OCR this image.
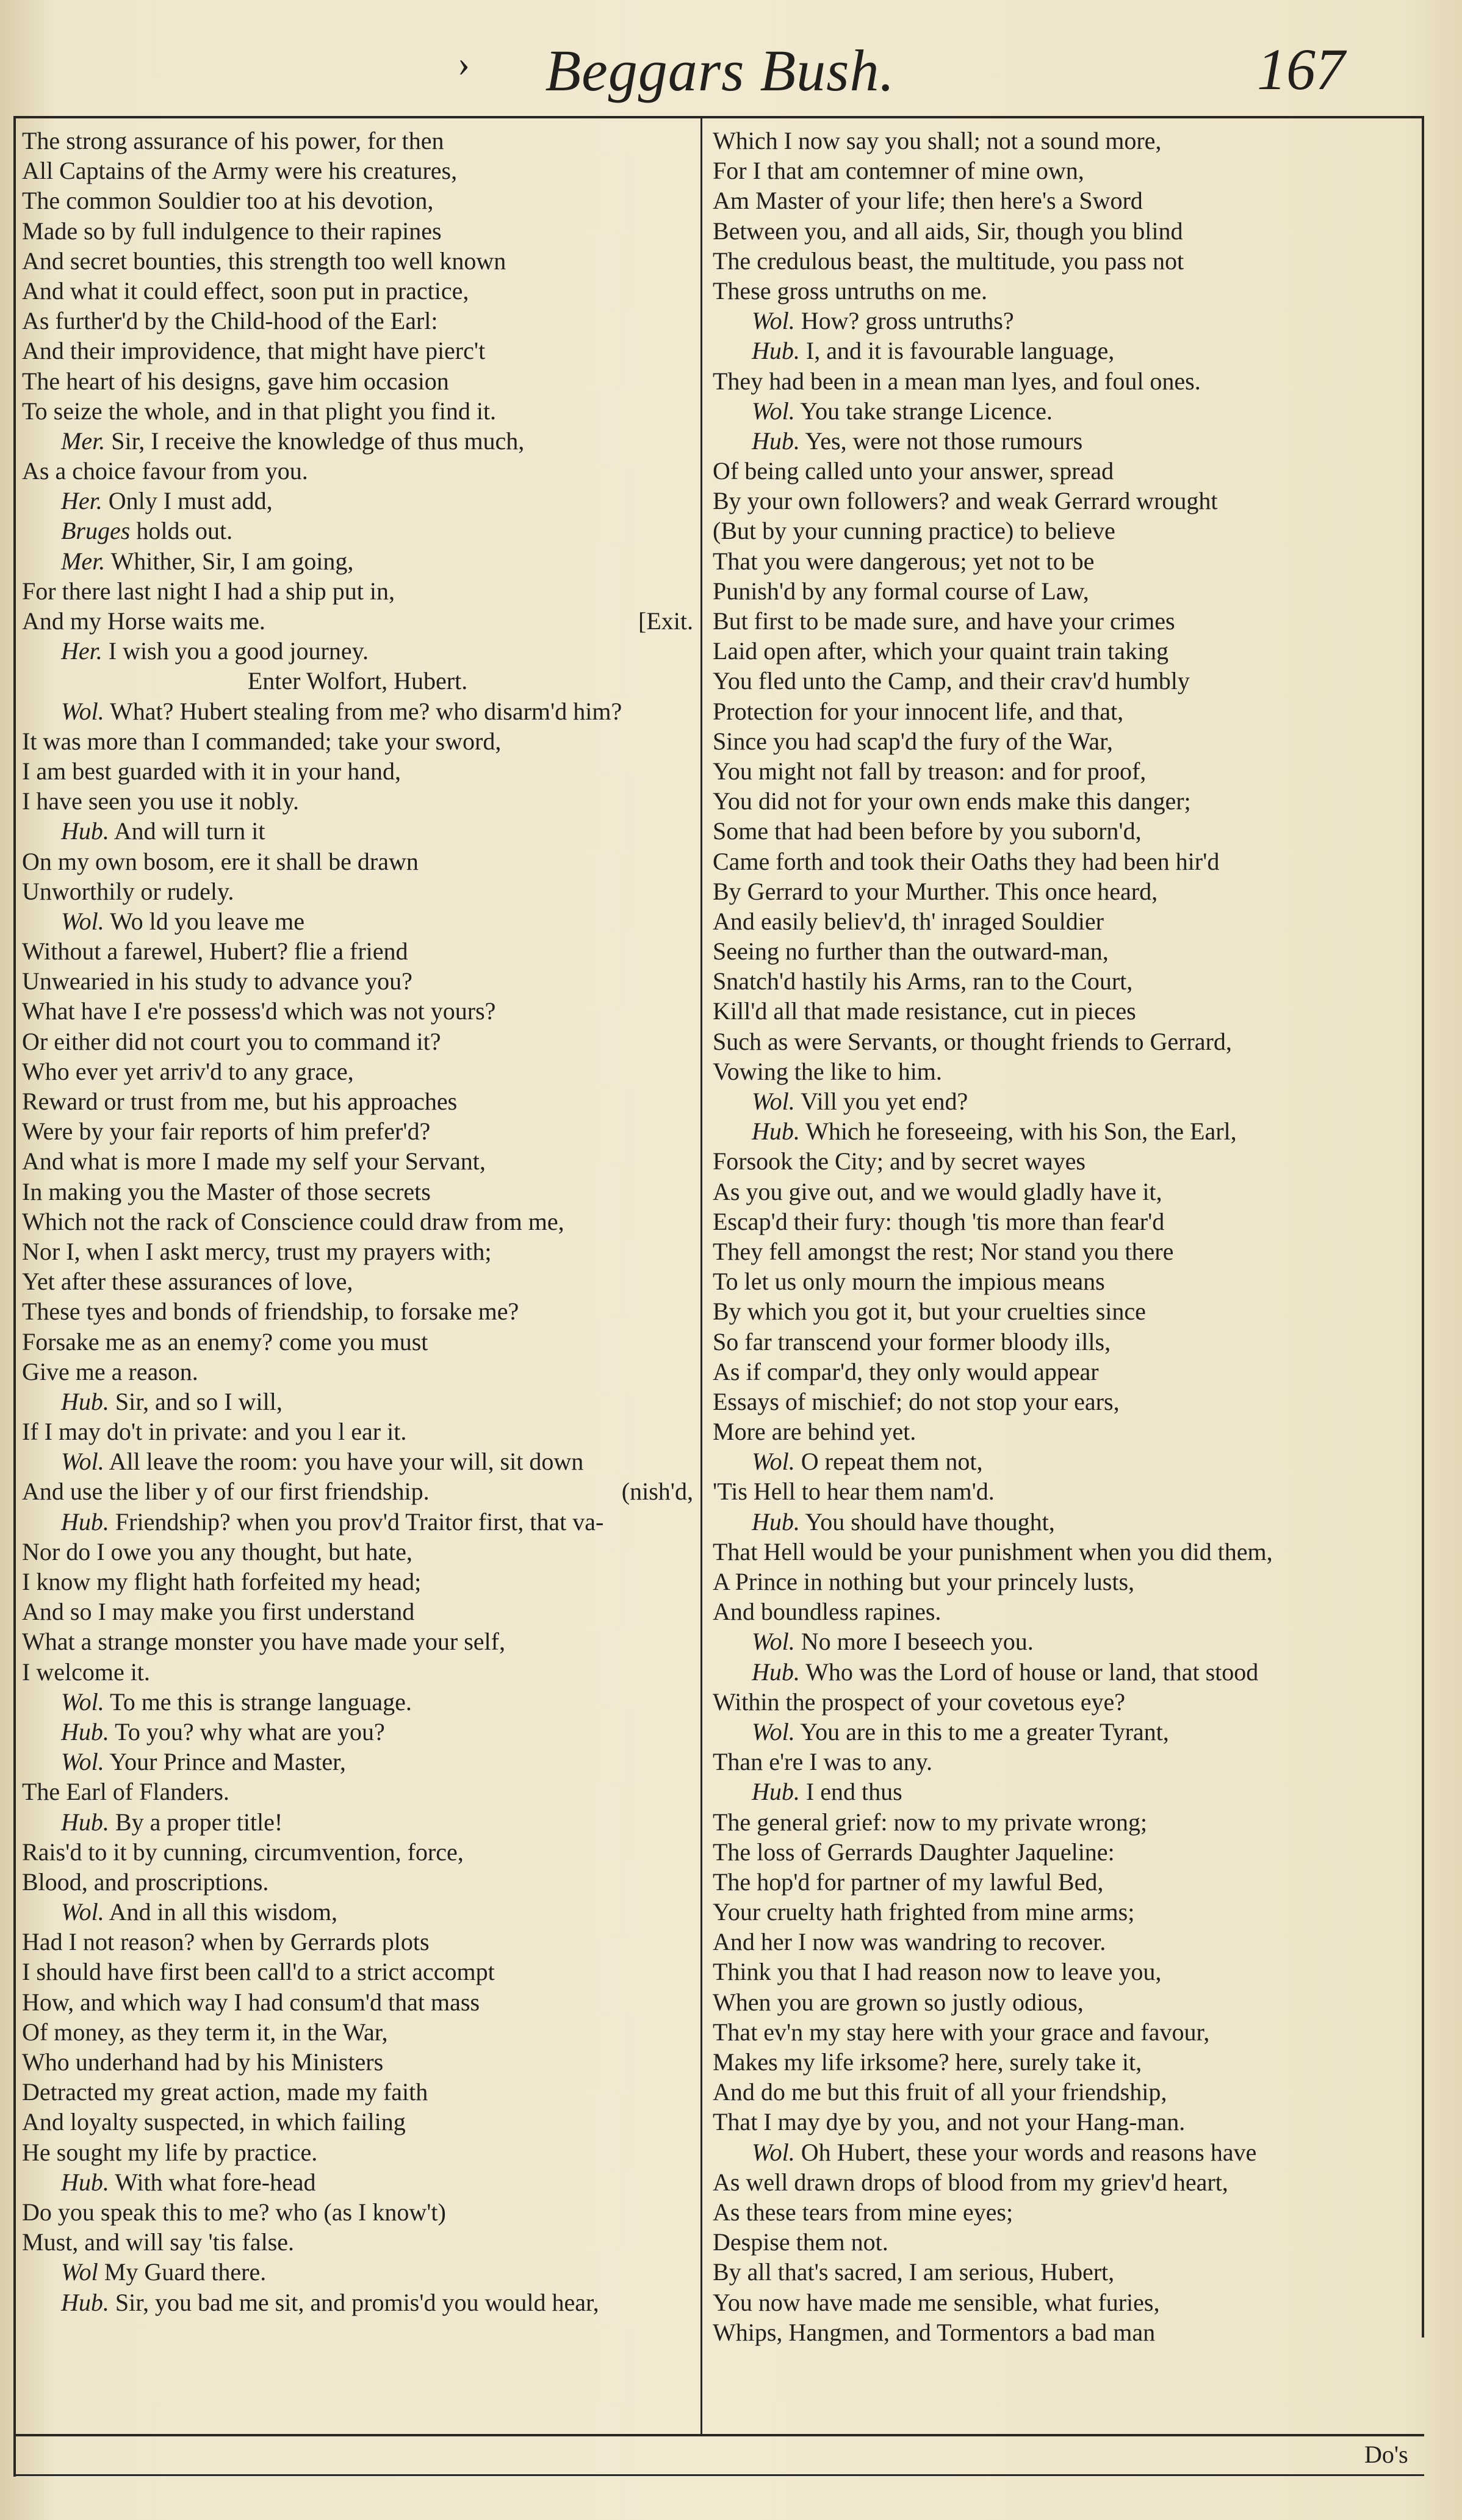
› Beggars Bush.	167
The strong assurance of his power, for then
All Captains of the Army were his creatures,
The common Souldier too at his devotion,
Made so by full indulgence to their rapines
And secret bounties, this strength too well known
And what it could effect, soon put in practice,
As further'd by the Child-hood of the Earl:
And their improvidence, that might have pierc't
The heart of his designs, gave him occasion
To seize the whole, and in that plight you find it.
Mer. Sir, I receive the knowledge of thus much,
As a choice favour from you.
Her. Only I must add,
Bruges holds out.
Mer. Whither, Sir, I am going,
For there last night I had a ship put in,
And my Horse waits me.	[Exit.
Her. I wish you a good journey.
Enter Wolfort, Hubert.
Wol. What? Hubert stealing from me? who disarm'd him?
It was more than I commanded; take your sword,
I am best guarded with it in your hand,
I have seen you use it nobly.
Hub. And will turn it
On my own bosom, ere it shall be drawn
Unworthily or rudely.
Wol. Wo ld you leave me
Without a farewel, Hubert? flie a friend
Unwearied in his study to advance you?
What have I e're possess'd which was not yours?
Or either did not court you to command it?
Who ever yet arriv'd to any grace,
Reward or trust from me, but his approaches
Were by your fair reports of him prefer'd?
And what is more I made my self your Servant,
In making you the Master of those secrets
Which not the rack of Conscience could draw from me,
Nor I, when I askt mercy, trust my prayers with;
Yet after these assurances of love,
These tyes and bonds of friendship, to forsake me?
Forsake me as an enemy? come you must
Give me a reason.
Hub. Sir, and so I will,
If I may do't in private: and you l ear it.
Wol. All leave the room: you have your will, sit down
And use the liber y of our first friendship.	(nish'd,
Hub. Friendship? when you prov'd Traitor first, that va-
Nor do I owe you any thought, but hate,
I know my flight hath forfeited my head;
And so I may make you first understand
What a strange monster you have made your self,
I welcome it.
Wol. To me this is strange language.
Hub. To you? why what are you?
Wol. Your Prince and Master,
The Earl of Flanders.
Hub. By a proper title!
Rais'd to it by cunning, circumvention, force,
Blood, and proscriptions.
Wol. And in all this wisdom,
Had I not reason? when by Gerrards plots
I should have first been call'd to a strict accompt
How, and which way I had consum'd that mass
Of money, as they term it, in the War,
Who underhand had by his Ministers
Detracted my great action, made my faith
And loyalty suspected, in which failing
He sought my life by practice.
Hub. With what fore-head
Do you speak this to me? who (as I know't)
Must, and will say 'tis false.
Wol My Guard there.
Hub. Sir, you bad me sit, and promis'd you would hear,
Which I now say you shall; not a sound more,
For I that am contemner of mine own,
Am Master of your life; then here's a Sword
Between you, and all aids, Sir, though you blind
The credulous beast, the multitude, you pass not
These gross untruths on me.
Wol. How? gross untruths?
Hub. I, and it is favourable language,
They had been in a mean man lyes, and foul ones.
Wol. You take strange Licence.
Hub. Yes, were not those rumours
Of being called unto your answer, spread
By your own followers? and weak Gerrard wrought
(But by your cunning practice) to believe
That you were dangerous; yet not to be
Punish'd by any formal course of Law,
But first to be made sure, and have your crimes
Laid open after, which your quaint train taking
You fled unto the Camp, and their crav'd humbly
Protection for your innocent life, and that,
Since you had scap'd the fury of the War,
You might not fall by treason: and for proof,
You did not for your own ends make this danger;
Some that had been before by you suborn'd,
Came forth and took their Oaths they had been hir'd
By Gerrard to your Murther. This once heard,
And easily believ'd, th' inraged Souldier
Seeing no further than the outward-man,
Snatch'd hastily his Arms, ran to the Court,
Kill'd all that made resistance, cut in pieces
Such as were Servants, or thought friends to Gerrard,
Vowing the like to him.
Wol. Vill you yet end?
Hub. Which he foreseeing, with his Son, the Earl,
Forsook the City; and by secret wayes
As you give out, and we would gladly have it,
Escap'd their fury: though 'tis more than fear'd
They fell amongst the rest; Nor stand you there
To let us only mourn the impious means
By which you got it, but your cruelties since
So far transcend your former bloody ills,
As if compar'd, they only would appear
Essays of mischief; do not stop your ears,
More are behind yet.
Wol. O repeat them not,
'Tis Hell to hear them nam'd.
Hub. You should have thought,
That Hell would be your punishment when you did them,
A Prince in nothing but your princely lusts,
And boundless rapines.
Wol. No more I beseech you.
Hub. Who was the Lord of house or land, that stood
Within the prospect of your covetous eye?
Wol. You are in this to me a greater Tyrant,
Than e're I was to any.
Hub. I end thus
The general grief: now to my private wrong;
The loss of Gerrards Daughter Jaqueline:
The hop'd for partner of my lawful Bed,
Your cruelty hath frighted from mine arms;
And her I now was wandring to recover.
Think you that I had reason now to leave you,
When you are grown so justly odious,
That ev'n my stay here with your grace and favour,
Makes my life irksome? here, surely take it,
And do me but this fruit of all your friendship,
That I may dye by you, and not your Hang-man.
Wol. Oh Hubert, these your words and reasons have
As well drawn drops of blood from my griev'd heart,
As these tears from mine eyes;
Despise them not.
By all that's sacred, I am serious, Hubert,
You now have made me sensible, what furies,
Whips, Hangmen, and Tormentors a bad man
Do's
